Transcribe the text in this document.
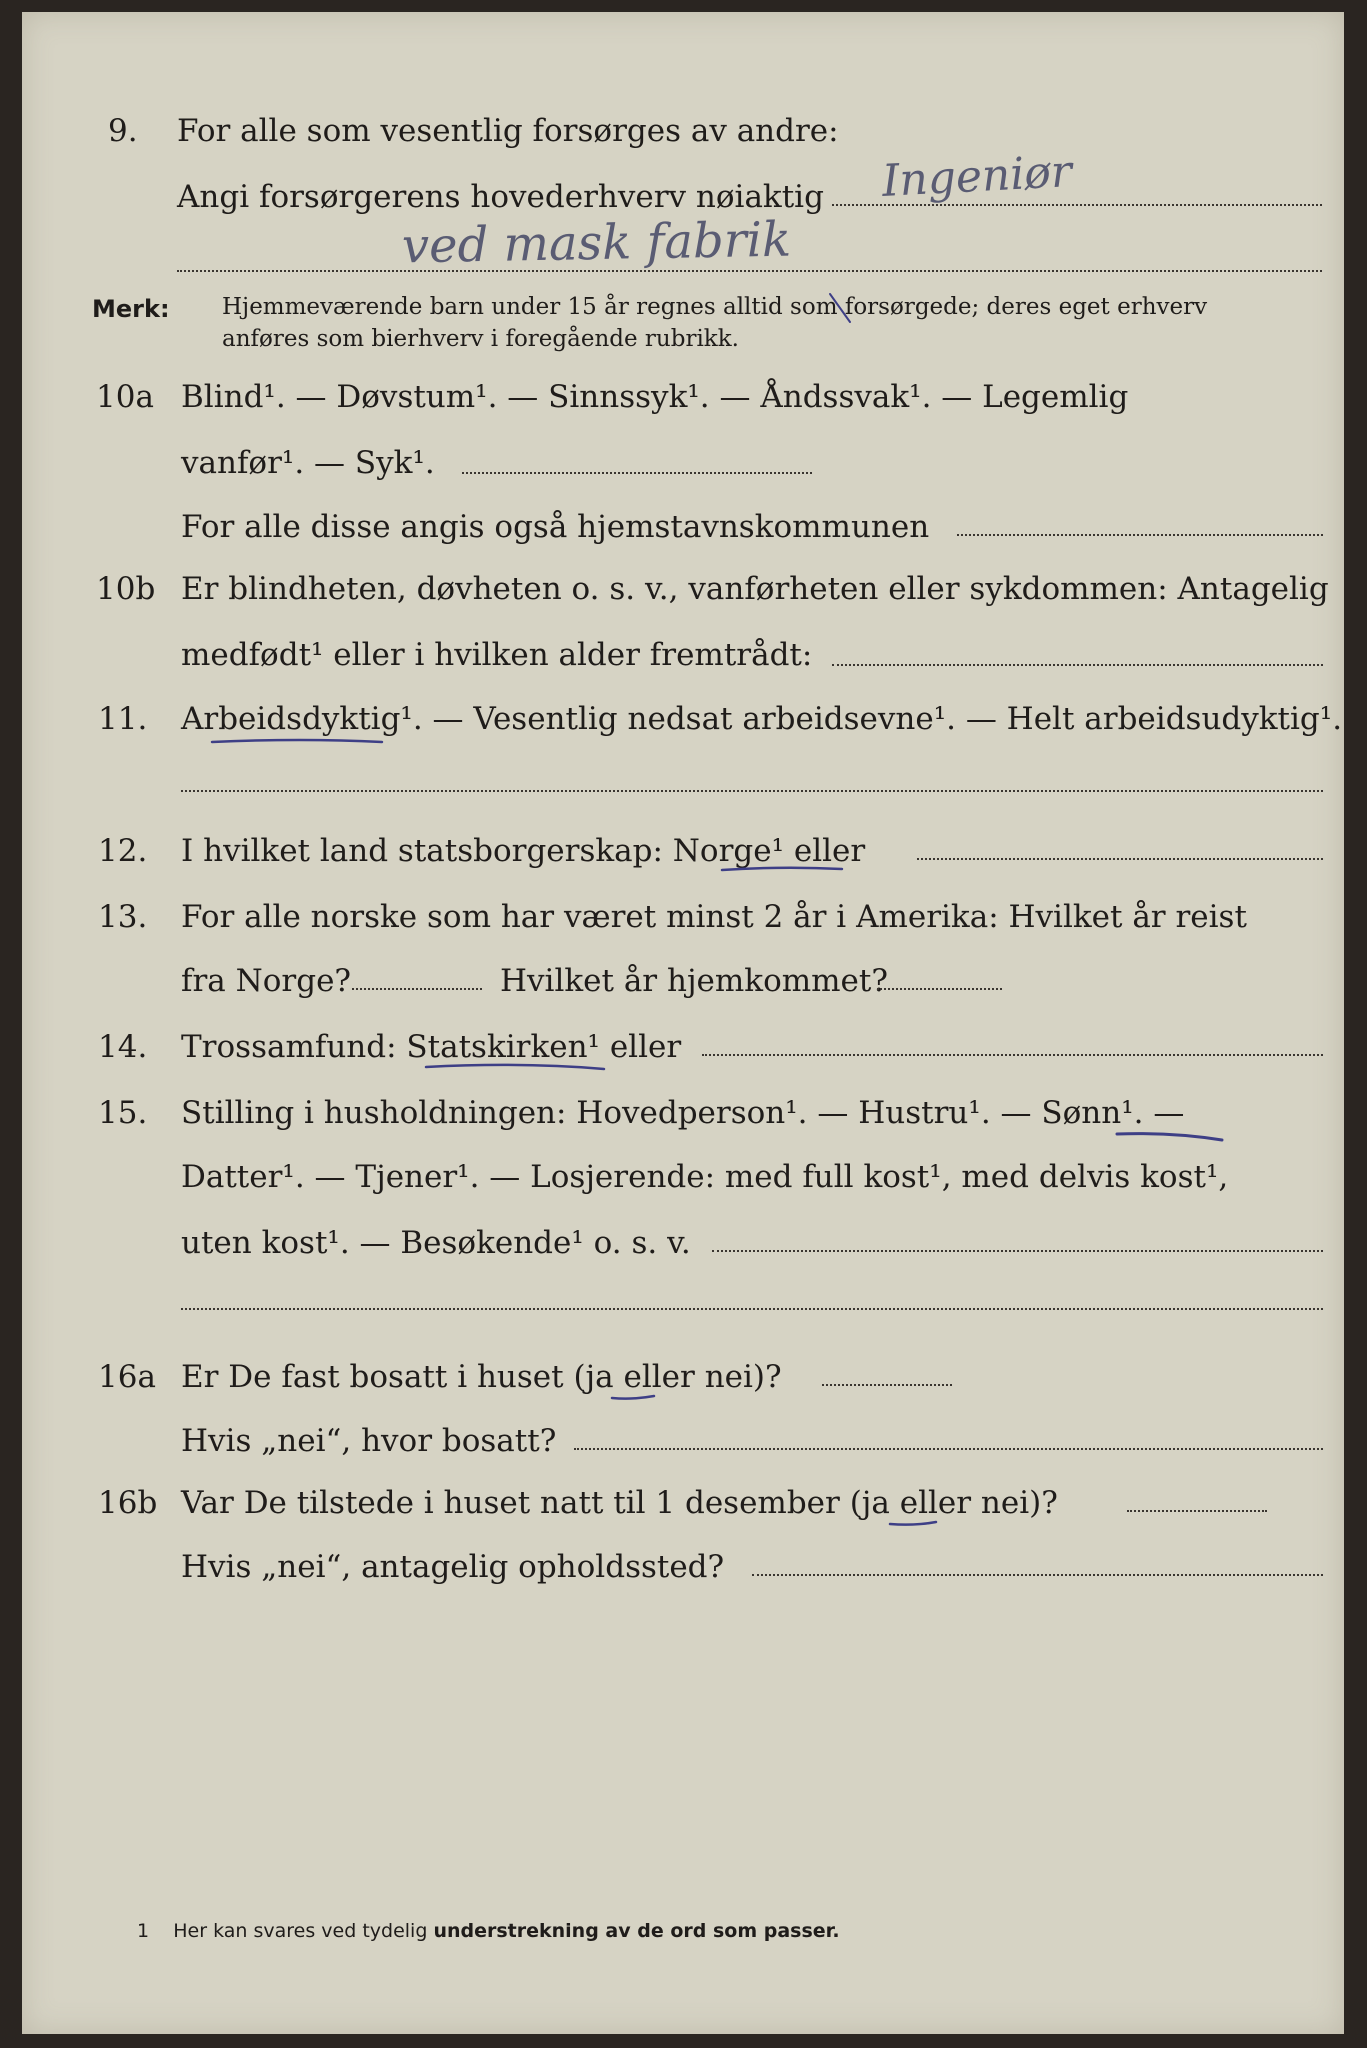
9. For alle som vesentlig forsørges av andre:
Angi forsørgerens hovederhverv nøiaktig Ingeniør
ved mask fabrik
Merk: Hjemmeværende barn under 15 år regnes alltid som forsørgede; deres eget erhverv
anføres som bierhverv i foregående rubrikk.
10a Blind¹. — Døvstum¹. — Sinnssyk¹. — Åndssvak¹. — Legemlig
vanfør¹. — Syk¹.
For alle disse angis også hjemstavnskommunen
10b Er blindheten, døvheten o. s. v., vanførheten eller sykdommen: Antagelig
medfødt¹ eller i hvilken alder fremtrådt:
11. Arbeidsdyktig¹. — Vesentlig nedsat arbeidsevne¹. — Helt arbeidsudyktig¹.
12. I hvilket land statsborgerskap: Norge¹ eller
13. For alle norske som har været minst 2 år i Amerika: Hvilket år reist
fra Norge?	Hvilket år hjemkommet?
14. Trossamfund: Statskirken¹ eller
15. Stilling i husholdningen: Hovedperson¹. — Hustru¹. — Sønn¹. —
Datter¹. — Tjener¹. — Losjerende: med full kost¹, med delvis kost¹,
uten kost¹. — Besøkende¹ o. s. v.
16a Er De fast bosatt i huset (ja eller nei)?
Hvis „nei“, hvor bosatt?
16b Var De tilstede i huset natt til 1 desember (ja eller nei)?
Hvis „nei“, antagelig opholdssted?
1 Her kan svares ved tydelig understrekning av de ord som passer.
